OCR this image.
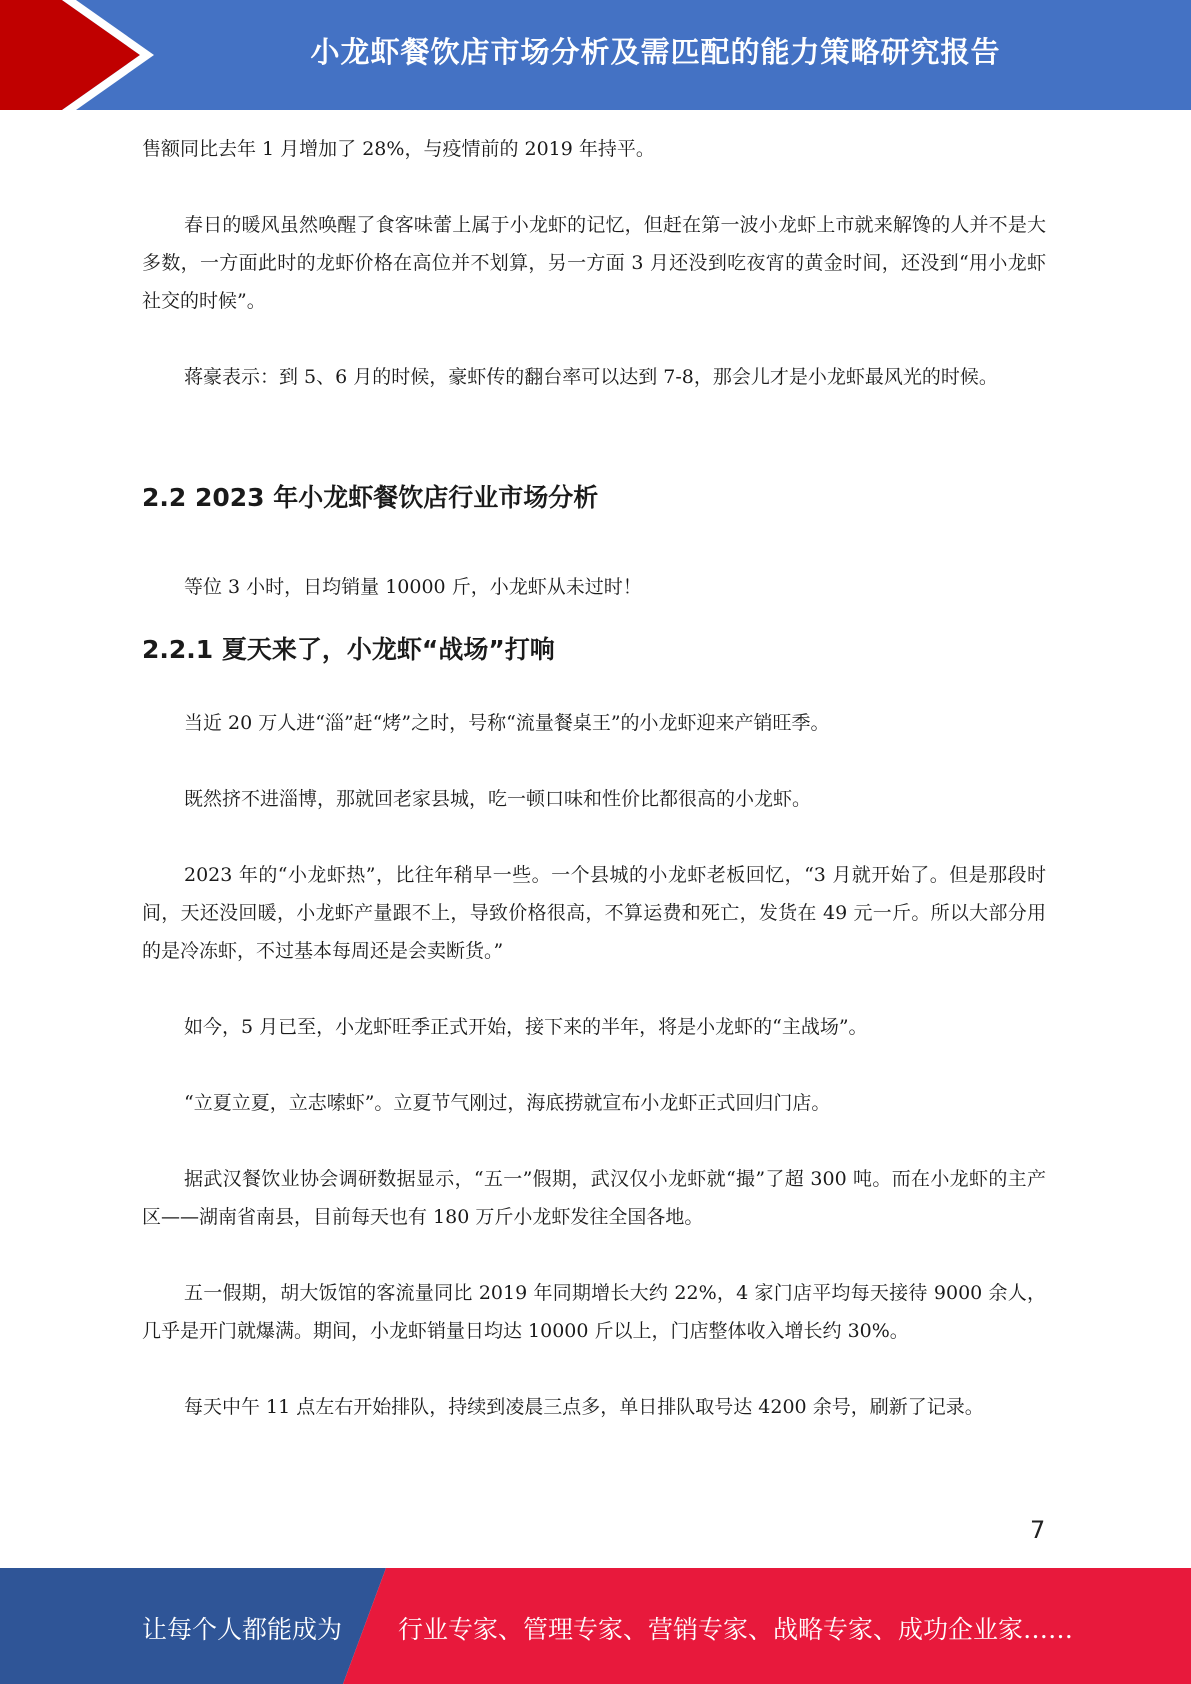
小龙虾餐饮店市场分析及需匹配的能力策略研究报告

售额同比去年 1 月增加了 28%，与疫情前的 2019 年持平。

春日的暖风虽然唤醒了食客味蕾上属于小龙虾的记忆，但赶在第一波小龙虾上市就来解馋的人并不是大多数，一方面此时的龙虾价格在高位并不划算，另一方面 3 月还没到吃夜宵的黄金时间，还没到“用小龙虾社交的时候”。

蒋豪表示：到 5、6 月的时候，豪虾传的翻台率可以达到 7-8，那会儿才是小龙虾最风光的时候。

2.2 2023 年小龙虾餐饮店行业市场分析

等位 3 小时，日均销量 10000 斤，小龙虾从未过时！

2.2.1 夏天来了，小龙虾“战场”打响

当近 20 万人进“淄”赶“烤”之时，号称“流量餐桌王”的小龙虾迎来产销旺季。

既然挤不进淄博，那就回老家县城，吃一顿口味和性价比都很高的小龙虾。

2023 年的“小龙虾热”，比往年稍早一些。一个县城的小龙虾老板回忆，“3 月就开始了。但是那段时间，天还没回暖，小龙虾产量跟不上，导致价格很高，不算运费和死亡，发货在 49 元一斤。所以大部分用的是冷冻虾，不过基本每周还是会卖断货。”

如今，5 月已至，小龙虾旺季正式开始，接下来的半年，将是小龙虾的“主战场”。

“立夏立夏，立志嗦虾”。立夏节气刚过，海底捞就宣布小龙虾正式回归门店。

据武汉餐饮业协会调研数据显示，“五一”假期，武汉仅小龙虾就“撮”了超 300 吨。而在小龙虾的主产区——湖南省南县，目前每天也有 180 万斤小龙虾发往全国各地。

五一假期，胡大饭馆的客流量同比 2019 年同期增长大约 22%，4 家门店平均每天接待 9000 余人，几乎是开门就爆满。期间，小龙虾销量日均达 10000 斤以上，门店整体收入增长约 30%。

每天中午 11 点左右开始排队，持续到凌晨三点多，单日排队取号达 4200 余号，刷新了记录。

7
让每个人都能成为 行业专家、管理专家、营销专家、战略专家、成功企业家……
